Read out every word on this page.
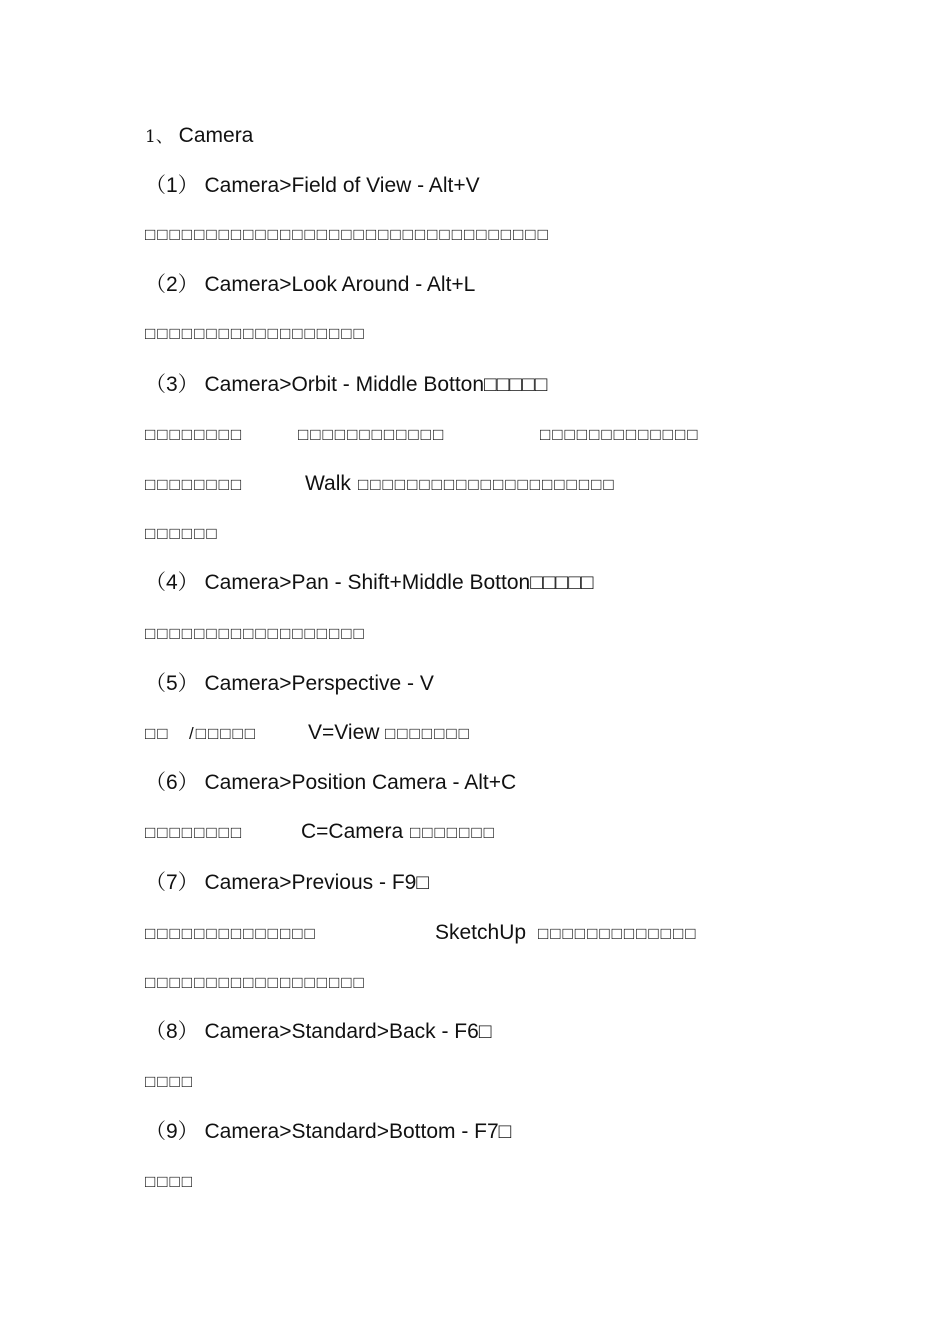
1、 Camera
（1） Camera>Field of View - Alt+V
□□□□□□□□□□□□□□□□□□□□□□□□□□□□□□□□□
（2） Camera>Look Around - Alt+L
□□□□□□□□□□□□□□□□□□
（3） Camera>Orbit - Middle Botton□□□□□
□□□□□□□□	□□□□□□□□□□□□	□□□□□□□□□□□□□
□□□□□□□□	Walk □□□□□□□□□□□□□□□□□□□□□
□□□□□□
（4） Camera>Pan - Shift+Middle Botton□□□□□
□□□□□□□□□□□□□□□□□□
（5） Camera>Perspective - V
□□ /□□□□□ V=View □□□□□□□
（6） Camera>Position Camera - Alt+C
□□□□□□□□	C=Camera □□□□□□□
（7） Camera>Previous - F9□
□□□□□□□□□□□□□□	SketchUp □□□□□□□□□□□□□
□□□□□□□□□□□□□□□□□□
（8） Camera>Standard>Back - F6□
□□□□
（9） Camera>Standard>Bottom - F7□
□□□□
